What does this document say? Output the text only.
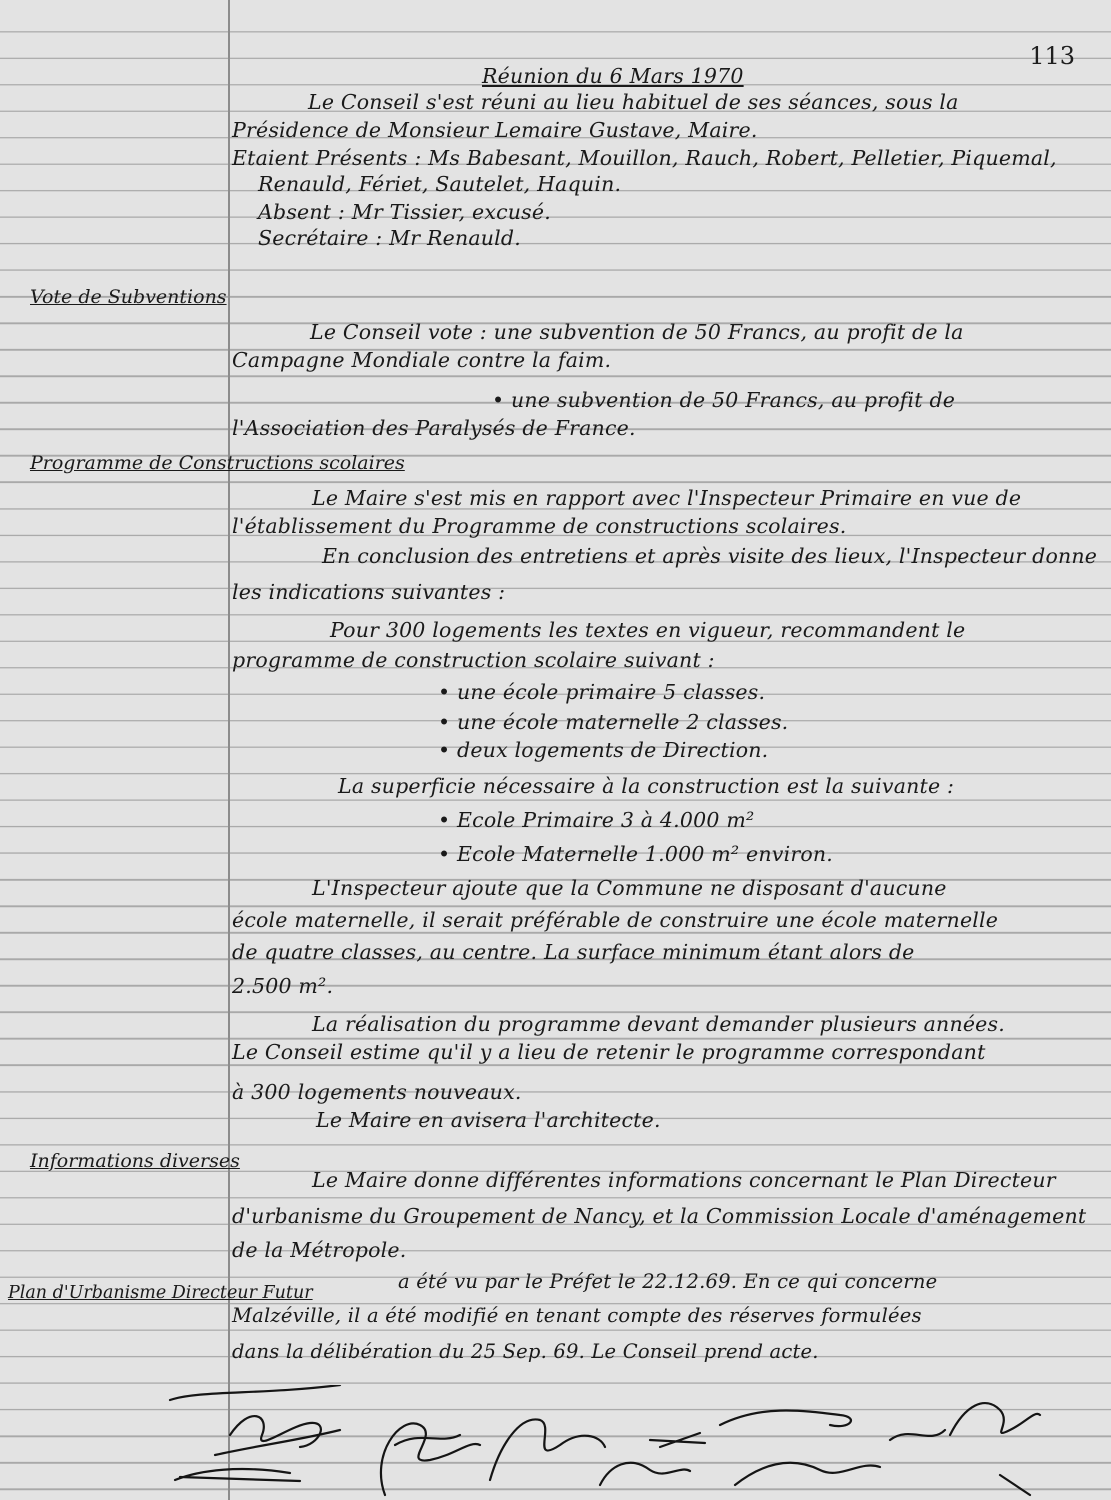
113
Réunion du 6 Mars 1970
Le Conseil s'est réuni au lieu habituel de ses séances, sous la
Présidence de Monsieur Lemaire Gustave, Maire.
Etaient Présents : Ms Babesant, Mouillon, Rauch, Robert, Pelletier, Piquemal,
Renauld, Fériet, Sautelet, Haquin.
Absent : Mr Tissier, excusé.
Secrétaire : Mr Renauld.
Vote de Subventions
Le Conseil vote : une subvention de 50 Francs, au profit de la
Campagne Mondiale contre la faim.
• une subvention de 50 Francs, au profit de
l'Association des Paralysés de France.
Programme de Constructions scolaires
Le Maire s'est mis en rapport avec l'Inspecteur Primaire en vue de
l'établissement du Programme de constructions scolaires.
En conclusion des entretiens et après visite des lieux, l'Inspecteur donne
les indications suivantes :
Pour 300 logements les textes en vigueur, recommandent le
programme de construction scolaire suivant :
• une école primaire 5 classes.
• une école maternelle 2 classes.
• deux logements de Direction.
La superficie nécessaire à la construction est la suivante :
• Ecole Primaire 3 à 4.000 m²
• Ecole Maternelle 1.000 m² environ.
L'Inspecteur ajoute que la Commune ne disposant d'aucune
école maternelle, il serait préférable de construire une école maternelle
de quatre classes, au centre. La surface minimum étant alors de
2.500 m².
La réalisation du programme devant demander plusieurs années.
Le Conseil estime qu'il y a lieu de retenir le programme correspondant
à 300 logements nouveaux.
Le Maire en avisera l'architecte.
Informations diverses
Le Maire donne différentes informations concernant le Plan Directeur
d'urbanisme du Groupement de Nancy, et la Commission Locale d'aménagement
de la Métropole.
Plan d'Urbanisme Directeur Futur	a été vu par le Préfet le 22.12.69. En ce qui concerne
Malzéville, il a été modifié en tenant compte des réserves formulées
dans la délibération du 25 Sep. 69. Le Conseil prend acte.
